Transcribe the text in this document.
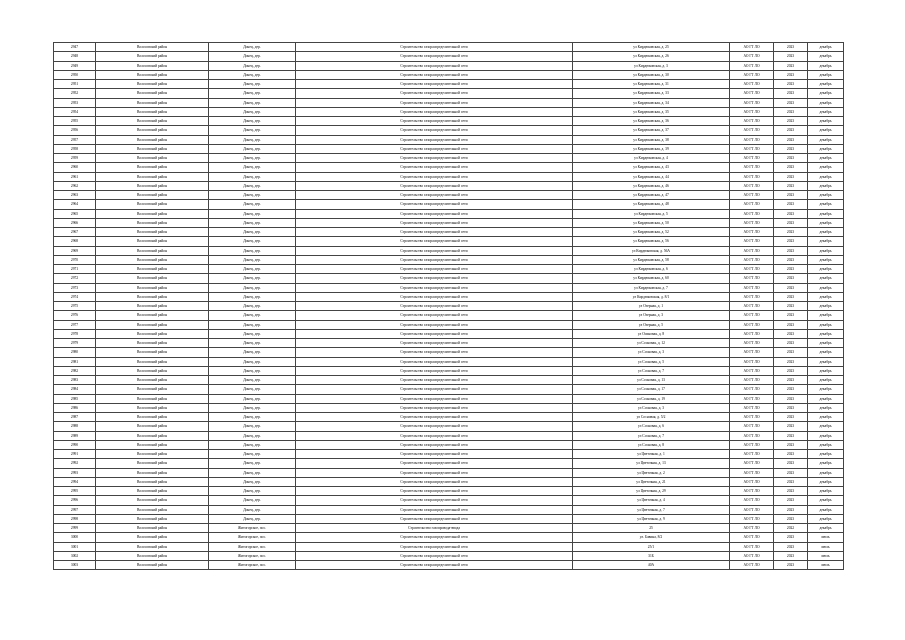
2947	Волосовский район	Донец, дер.	Строительство газораспределительной сети	ул Кирдюковская, д. 25	АО ГТ ЛО	2023	декабрь
2948	Волосовский район	Донец, дер.	Строительство газораспределительной сети	ул Кирдюковская, д. 26	АО ГТ ЛО	2023	декабрь
2949	Волосовский район	Донец, дер.	Строительство газораспределительной сети	ул Кирдюковская, д. 3	АО ГТ ЛО	2023	декабрь
2950	Волосовский район	Донец, дер.	Строительство газораспределительной сети	ул Кирдюковская, д. 30	АО ГТ ЛО	2023	декабрь
2951	Волосовский район	Донец, дер.	Строительство газораспределительной сети	ул Кирдюковская, д. 31	АО ГТ ЛО	2023	декабрь
2952	Волосовский район	Донец, дер.	Строительство газораспределительной сети	ул Кирдюковская, д. 33	АО ГТ ЛО	2023	декабрь
2953	Волосовский район	Донец, дер.	Строительство газораспределительной сети	ул Кирдюковская, д. 34	АО ГТ ЛО	2023	декабрь
2954	Волосовский район	Донец, дер.	Строительство газораспределительной сети	ул Кирдюковская, д. 35	АО ГТ ЛО	2023	декабрь
2955	Волосовский район	Донец, дер.	Строительство газораспределительной сети	ул Кирдюковская, д. 36	АО ГТ ЛО	2023	декабрь
2956	Волосовский район	Донец, дер.	Строительство газораспределительной сети	ул Кирдюковская, д. 37	АО ГТ ЛО	2023	декабрь
2957	Волосовский район	Донец, дер.	Строительство газораспределительной сети	ул Кирдюковская, д. 38	АО ГТ ЛО	2023	декабрь
2958	Волосовский район	Донец, дер.	Строительство газораспределительной сети	ул Кирдюковская, д. 39	АО ГТ ЛО	2023	декабрь
2959	Волосовский район	Донец, дер.	Строительство газораспределительной сети	ул Кирдюковская, д. 4	АО ГТ ЛО	2023	декабрь
2960	Волосовский район	Донец, дер.	Строительство газораспределительной сети	ул Кирдюковская, д. 43	АО ГТ ЛО	2023	декабрь
2961	Волосовский район	Донец, дер.	Строительство газораспределительной сети	ул Кирдюковская, д. 44	АО ГТ ЛО	2023	декабрь
2962	Волосовский район	Донец, дер.	Строительство газораспределительной сети	ул Кирдюковская, д. 46	АО ГТ ЛО	2023	декабрь
2963	Волосовский район	Донец, дер.	Строительство газораспределительной сети	ул Кирдюковская, д. 47	АО ГТ ЛО	2023	декабрь
2964	Волосовский район	Донец, дер.	Строительство газораспределительной сети	ул Кирдюковская, д. 48	АО ГТ ЛО	2023	декабрь
2965	Волосовский район	Донец, дер.	Строительство газораспределительной сети	ул Кирдюковская, д. 5	АО ГТ ЛО	2023	декабрь
2966	Волосовский район	Донец, дер.	Строительство газораспределительной сети	ул Кирдюковская, д. 50	АО ГТ ЛО	2023	декабрь
2967	Волосовский район	Донец, дер.	Строительство газораспределительной сети	ул Кирдюковская, д. 52	АО ГТ ЛО	2023	декабрь
2968	Волосовский район	Донец, дер.	Строительство газораспределительной сети	ул Кирдюковская, д. 56	АО ГТ ЛО	2023	декабрь
2969	Волосовский район	Донец, дер.	Строительство газораспределительной сети	ул Кирдюковская, д. 56А	АО ГТ ЛО	2023	декабрь
2970	Волосовский район	Донец, дер.	Строительство газораспределительной сети	ул Кирдюковская, д. 58	АО ГТ ЛО	2023	декабрь
2971	Волосовский район	Донец, дер.	Строительство газораспределительной сети	ул Кирдюковская, д. 6	АО ГТ ЛО	2023	декабрь
2972	Волосовский район	Донец, дер.	Строительство газораспределительной сети	ул Кирдюковская, д. 60	АО ГТ ЛО	2023	декабрь
2973	Волосовский район	Донец, дер.	Строительство газораспределительной сети	ул Кирдюковская, д. 7	АО ГТ ЛО	2023	декабрь
2974	Волосовский район	Донец, дер.	Строительство газораспределительной сети	ул Кирдюковская, д. 8/1	АО ГТ ЛО	2023	декабрь
2975	Волосовский район	Донец, дер.	Строительство газораспределительной сети	ул Озерная, д. 1	АО ГТ ЛО	2023	декабрь
2976	Волосовский район	Донец, дер.	Строительство газораспределительной сети	ул Озерная, д. 3	АО ГТ ЛО	2023	декабрь
2977	Волосовский район	Донец, дер.	Строительство газораспределительной сети	ул Озерная, д. 5	АО ГТ ЛО	2023	декабрь
2978	Волосовский район	Донец, дер.	Строительство газораспределительной сети	ул Осиновая, д. 8	АО ГТ ЛО	2023	декабрь
2979	Волосовский район	Донец, дер.	Строительство газораспределительной сети	ул Сосновая, д. 12	АО ГТ ЛО	2023	декабрь
2980	Волосовский район	Донец, дер.	Строительство газораспределительной сети	ул Сосновая, д. 3	АО ГТ ЛО	2023	декабрь
2981	Волосовский район	Донец, дер.	Строительство газораспределительной сети	ул Сосновая, д. 5	АО ГТ ЛО	2023	декабрь
2982	Волосовский район	Донец, дер.	Строительство газораспределительной сети	ул Сосновая, д. 7	АО ГТ ЛО	2023	декабрь
2983	Волосовский район	Донец, дер.	Строительство газораспределительной сети	ул Сосновая, д. 13	АО ГТ ЛО	2023	декабрь
2984	Волосовский район	Донец, дер.	Строительство газораспределительной сети	ул Сосновая, д. 17	АО ГТ ЛО	2023	декабрь
2985	Волосовский район	Донец, дер.	Строительство газораспределительной сети	ул Сосновая, д. 19	АО ГТ ЛО	2023	декабрь
2986	Волосовский район	Донец, дер.	Строительство газораспределительной сети	ул Сосновая, д. 3	АО ГТ ЛО	2023	декабрь
2987	Волосовский район	Донец, дер.	Строительство газораспределительной сети	ул Сосновая, д. 5/2	АО ГТ ЛО	2023	декабрь
2988	Волосовский район	Донец, дер.	Строительство газораспределительной сети	ул Сосновая, д. 6	АО ГТ ЛО	2023	декабрь
2989	Волосовский район	Донец, дер.	Строительство газораспределительной сети	ул Сосновая, д. 7	АО ГТ ЛО	2023	декабрь
2990	Волосовский район	Донец, дер.	Строительство газораспределительной сети	ул Сосновая, д. 8	АО ГТ ЛО	2023	декабрь
2991	Волосовский район	Донец, дер.	Строительство газораспределительной сети	ул Цветочная, д. 1	АО ГТ ЛО	2023	декабрь
2992	Волосовский район	Донец, дер.	Строительство газораспределительной сети	ул Цветочная, д. 13	АО ГТ ЛО	2023	декабрь
2993	Волосовский район	Донец, дер.	Строительство газораспределительной сети	ул Цветочная, д. 2	АО ГТ ЛО	2023	декабрь
2994	Волосовский район	Донец, дер.	Строительство газораспределительной сети	ул Цветочная, д. 21	АО ГТ ЛО	2023	декабрь
2995	Волосовский район	Донец, дер.	Строительство газораспределительной сети	ул Цветочная, д. 29	АО ГТ ЛО	2023	декабрь
2996	Волосовский район	Донец, дер.	Строительство газораспределительной сети	ул Цветочная, д. 4	АО ГТ ЛО	2023	декабрь
2997	Волосовский район	Донец, дер.	Строительство газораспределительной сети	ул Цветочная, д. 7	АО ГТ ЛО	2023	декабрь
2998	Волосовский район	Донец, дер.	Строительство газораспределительной сети	ул Цветочная, д. 9	АО ГТ ЛО	2023	декабрь
2999	Волосовский район	Житогорское, пос.	Строительство газопровода-ввода	25	АО ГТ ЛО	2022	декабрь
3000	Волосовский район	Житогорское, пос.	Строительство газораспределительной сети	ул. Бавина, 8/2	АО ГТ ЛО	2023	июль
3001	Волосовский район	Житогорское, пос.	Строительство газораспределительной сети	25/1	АО ГТ ЛО	2023	июль
3002	Волосовский район	Житогорское, пос.	Строительство газораспределительной сети	31Б	АО ГТ ЛО	2023	июль
3003	Волосовский район	Житогорское, пос.	Строительство газораспределительной сети	40А	АО ГТ ЛО	2023	июль
